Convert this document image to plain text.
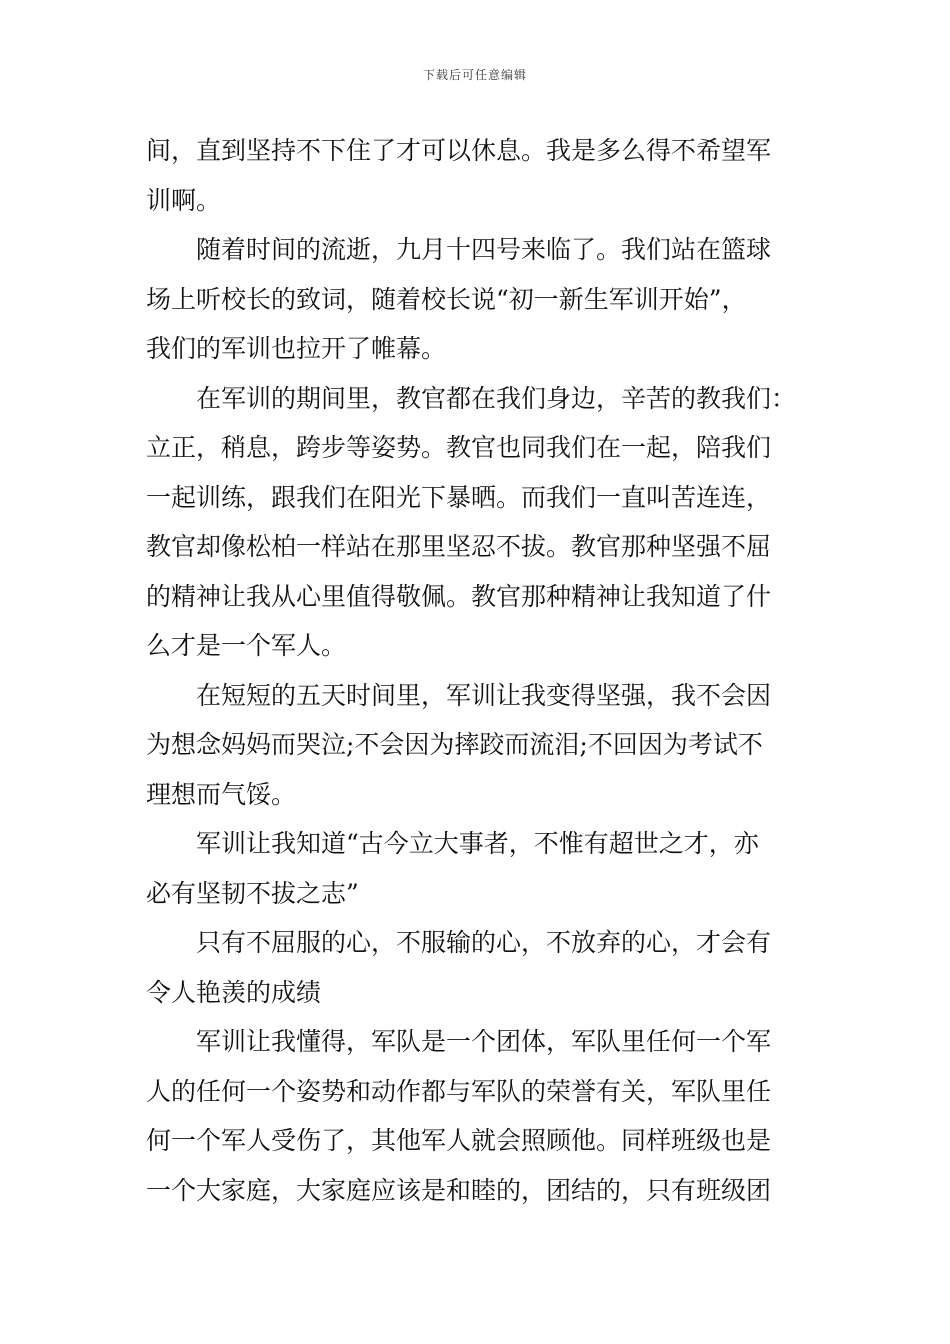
下载后可任意编辑
间，直到坚持不下住了才可以休息。我是多么得不希望军
训啊。
随着时间的流逝，九月十四号来临了。我们站在篮球
场上听校长的致词，随着校长说“初一新生军训开始”，
我们的军训也拉开了帷幕。
在军训的期间里，教官都在我们身边，辛苦的教我们：
立正，稍息，跨步等姿势。教官也同我们在一起，陪我们
一起训练，跟我们在阳光下暴晒。而我们一直叫苦连连，
教官却像松柏一样站在那里坚忍不拔。教官那种坚强不屈
的精神让我从心里值得敬佩。教官那种精神让我知道了什
么才是一个军人。
在短短的五天时间里，军训让我变得坚强，我不会因
为想念妈妈而哭泣;不会因为摔跤而流泪;不回因为考试不
理想而气馁。
军训让我知道“古今立大事者，不惟有超世之才，亦
必有坚韧不拔之志”
只有不屈服的心，不服输的心，不放弃的心，才会有
令人艳羡的成绩
军训让我懂得，军队是一个团体，军队里任何一个军
人的任何一个姿势和动作都与军队的荣誉有关，军队里任
何一个军人受伤了，其他军人就会照顾他。同样班级也是
一个大家庭，大家庭应该是和睦的，团结的，只有班级团
